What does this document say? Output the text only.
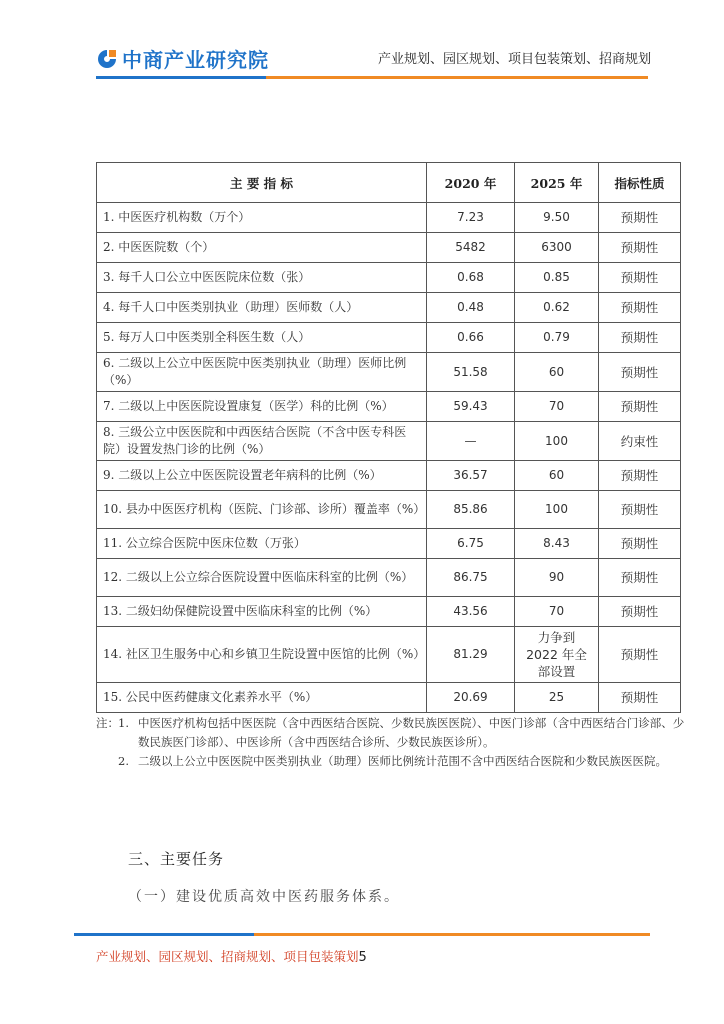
中商产业研究院	产业规划、园区规划、项目包装策划、招商规划
主 要 指 标	2020 年	2025 年	指标性质
1. 中医医疗机构数（万个）	7.23	9.50	预期性
2. 中医医院数（个）	5482	6300	预期性
3. 每千人口公立中医医院床位数（张）	0.68	0.85	预期性
4. 每千人口中医类别执业（助理）医师数（人）	0.48	0.62	预期性
5. 每万人口中医类别全科医生数（人）	0.66	0.79	预期性
6. 二级以上公立中医医院中医类别执业（助理）医师比例（%）	51.58	60	预期性
7. 二级以上中医医院设置康复（医学）科的比例（%）	59.43	70	预期性
8. 三级公立中医医院和中西医结合医院（不含中医专科医院）设置发热门诊的比例（%）	—	100	约束性
9. 二级以上公立中医医院设置老年病科的比例（%）	36.57	60	预期性
10. 县办中医医疗机构（医院、门诊部、诊所）覆盖率（%）	85.86	100	预期性
11. 公立综合医院中医床位数（万张）	6.75	8.43	预期性
12. 二级以上公立综合医院设置中医临床科室的比例（%）	86.75	90	预期性
13. 二级妇幼保健院设置中医临床科室的比例（%）	43.56	70	预期性
14. 社区卫生服务中心和乡镇卫生院设置中医馆的比例（%）	81.29	力争到 2022 年全部设置	预期性
15. 公民中医药健康文化素养水平（%）	20.69	25	预期性
注： 1. 中医医疗机构包括中医医院（含中西医结合医院、少数民族医医院）、中医门诊部（含中西医结合门诊部、少数民族医门诊部）、中医诊所（含中西医结合诊所、少数民族医诊所）。
2. 二级以上公立中医医院中医类别执业（助理）医师比例统计范围不含中西医结合医院和少数民族医医院。
三、主要任务
（一）建设优质高效中医药服务体系。
产业规划、园区规划、招商规划、项目包装策划5
